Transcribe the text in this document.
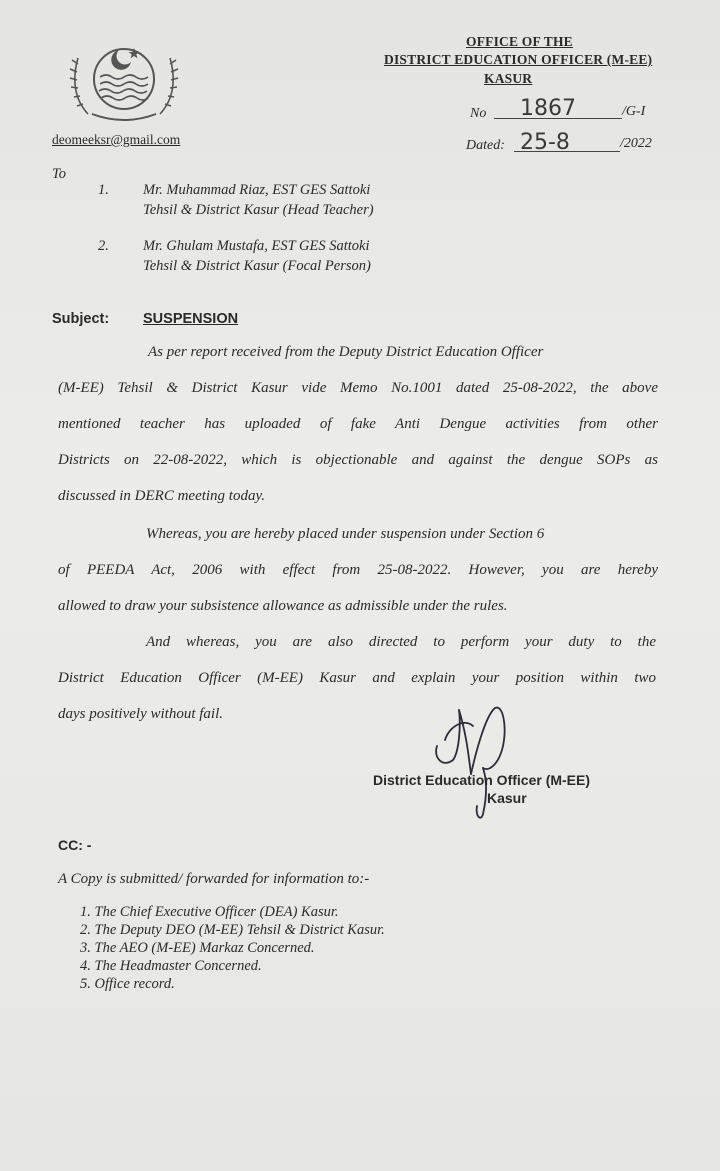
OFFICE OF THE
DISTRICT EDUCATION OFFICER (M-EE)
KASUR
No 1867	/G-I
Dated: 25-8	/2022
deomeeksr@gmail.com
To
1. Mr. Muhammad Riaz, EST GES Sattoki
Tehsil & District Kasur (Head Teacher)
2. Mr. Ghulam Mustafa, EST GES Sattoki
Tehsil & District Kasur (Focal Person)
Subject: SUSPENSION
As per report received from the Deputy District Education Officer
(M-EE) Tehsil & District Kasur vide Memo No.1001 dated 25-08-2022, the above
mentioned teacher has uploaded of fake Anti Dengue activities from other
Districts on 22-08-2022, which is objectionable and against the dengue SOPs as
discussed in DERC meeting today.
Whereas, you are hereby placed under suspension under Section 6
of PEEDA Act, 2006 with effect from 25-08-2022. However, you are hereby
allowed to draw your subsistence allowance as admissible under the rules.
And whereas, you are also directed to perform your duty to the
District Education Officer (M-EE) Kasur and explain your position within two
days positively without fail.
District Education Officer (M-EE)
Kasur
CC: -
A Copy is submitted/ forwarded for information to:-
1. The Chief Executive Officer (DEA) Kasur.
2. The Deputy DEO (M-EE) Tehsil & District Kasur.
3. The AEO (M-EE) Markaz Concerned.
4. The Headmaster Concerned.
5. Office record.
